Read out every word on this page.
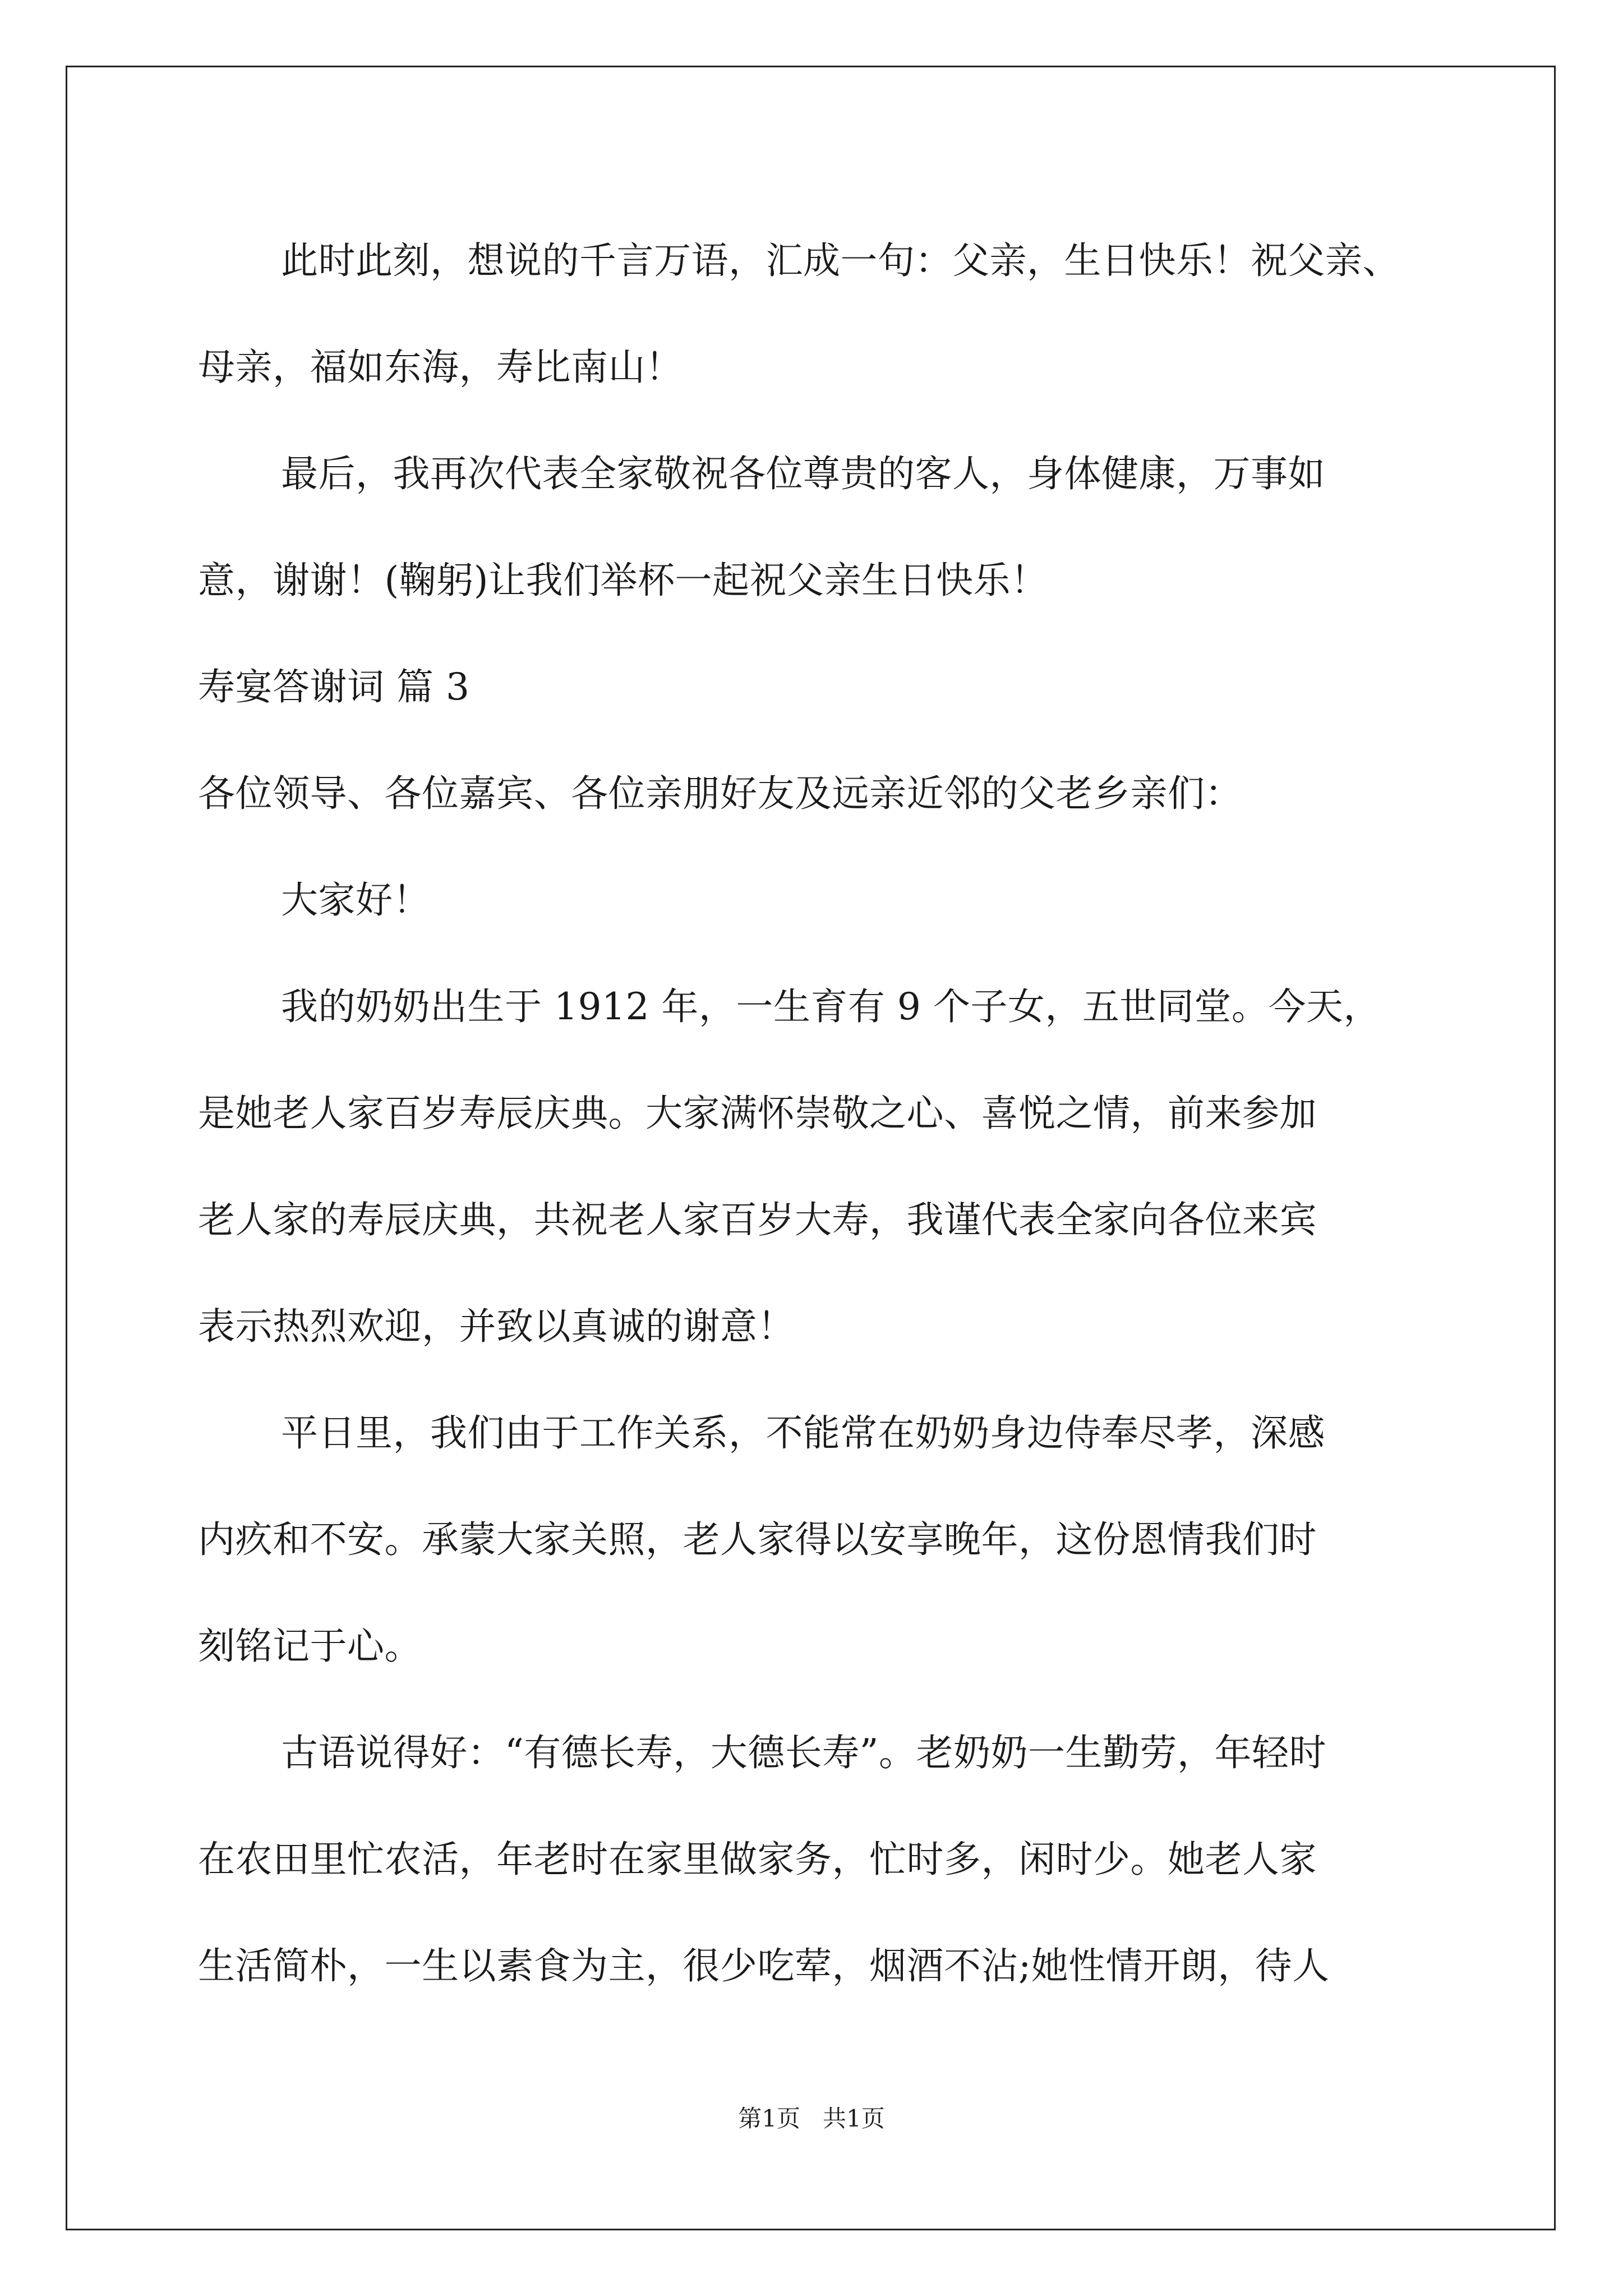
此时此刻，想说的千言万语，汇成一句：父亲，生日快乐！祝父亲、
母亲，福如东海，寿比南山！
最后，我再次代表全家敬祝各位尊贵的客人，身体健康，万事如
意，谢谢！(鞠躬)让我们举杯一起祝父亲生日快乐！
寿宴答谢词 篇 3
各位领导、各位嘉宾、各位亲朋好友及远亲近邻的父老乡亲们：
大家好！
我的奶奶出生于 1912 年，一生育有 9 个子女，五世同堂。今天，
是她老人家百岁寿辰庆典。大家满怀崇敬之心、喜悦之情，前来参加
老人家的寿辰庆典，共祝老人家百岁大寿，我谨代表全家向各位来宾
表示热烈欢迎，并致以真诚的谢意！
平日里，我们由于工作关系，不能常在奶奶身边侍奉尽孝，深感
内疚和不安。承蒙大家关照，老人家得以安享晚年，这份恩情我们时
刻铭记于心。
古语说得好：“有德长寿，大德长寿”。老奶奶一生勤劳，年轻时
在农田里忙农活，年老时在家里做家务，忙时多，闲时少。她老人家
生活简朴，一生以素食为主，很少吃荤，烟酒不沾;她性情开朗，待人
第1页   共1页
